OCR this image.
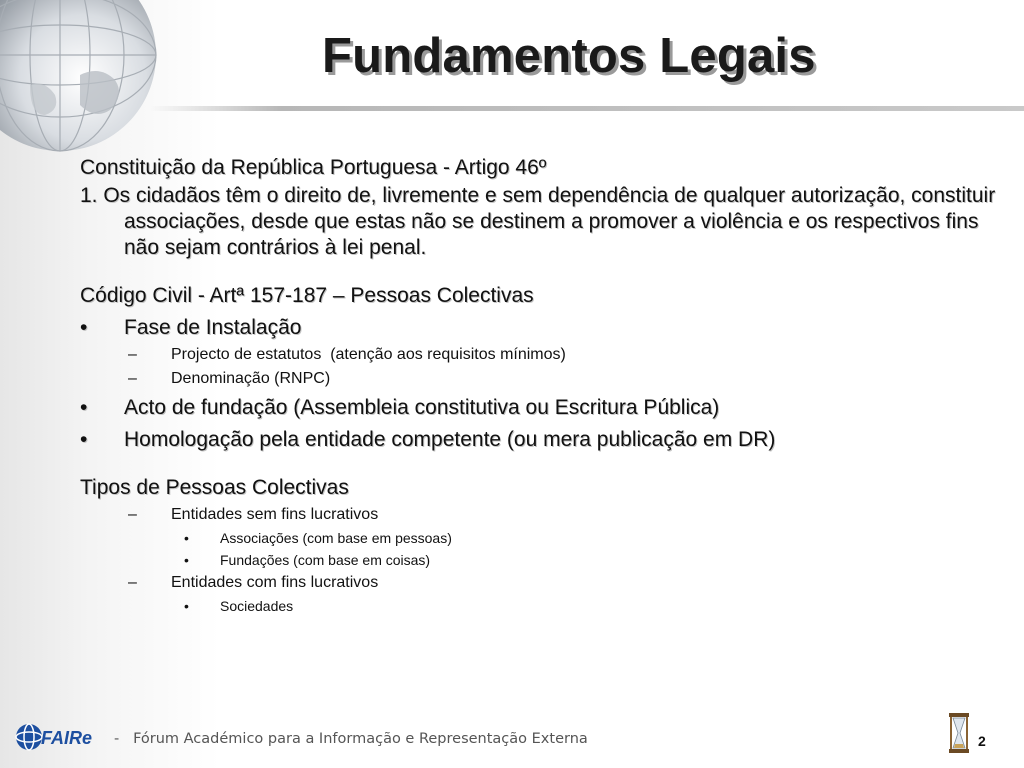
Fundamentos Legais

Constituição da República Portuguesa - Artigo 46º

1. Os cidadãos têm o direito de, livremente e sem dependência de qualquer autorização, constituir associações, desde que estas não se destinem a promover a violência e os respectivos fins não sejam contrários à lei penal.

Código Civil - Artª 157-187 – Pessoas Colectivas

• Fase de Instalação
– Projecto de estatutos  (atenção aos requisitos mínimos)
– Denominação (RNPC)
• Acto de fundação (Assembleia constitutiva ou Escritura Pública)
• Homologação pela entidade competente (ou mera publicação em DR)

Tipos de Pessoas Colectivas

– Entidades sem fins lucrativos
• Associações (com base em pessoas)
• Fundações (com base em coisas)
– Entidades com fins lucrativos
• Sociedades
FAIRe - Fórum Académico para a Informação e Representação Externa	2
